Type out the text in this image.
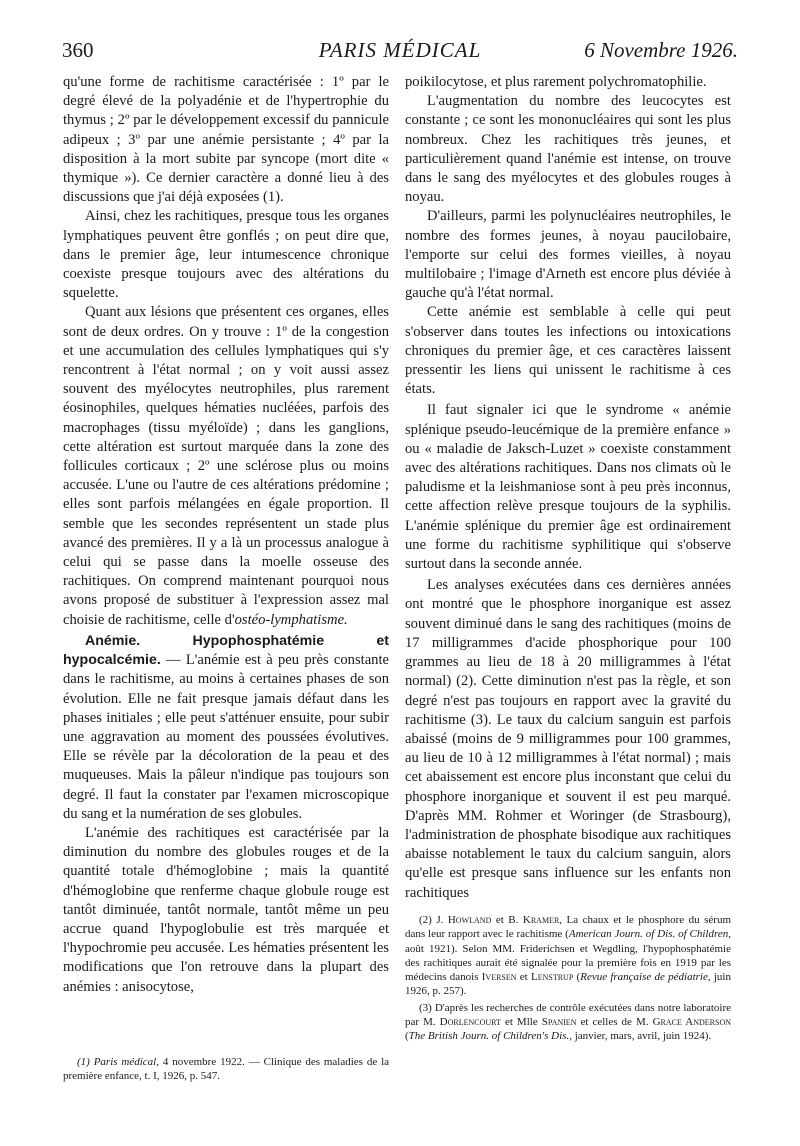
360	PARIS MÉDICAL	6 Novembre 1926.

qu'une forme de rachitisme caractérisée : 1º par le degré élevé de la polyadénie et de l'hypertrophie du thymus ; 2º par le développement excessif du pannicule adipeux ; 3º par une anémie persistante ; 4º par la disposition à la mort subite par syncope (mort dite « thymique »). Ce dernier caractère a donné lieu à des discussions que j'ai déjà exposées (1).

Ainsi, chez les rachitiques, presque tous les organes lymphatiques peuvent être gonflés ; on peut dire que, dans le premier âge, leur intumescence chronique coexiste presque toujours avec des altérations du squelette.

Quant aux lésions que présentent ces organes, elles sont de deux ordres. On y trouve : 1º de la congestion et une accumulation des cellules lymphatiques qui s'y rencontrent à l'état normal ; on y voit aussi assez souvent des myélocytes neutrophiles, plus rarement éosinophiles, quelques hématies nucléées, parfois des macrophages (tissu myéloïde) ; dans les ganglions, cette altération est surtout marquée dans la zone des follicules corticaux ; 2º une sclérose plus ou moins accusée. L'une ou l'autre de ces altérations prédomine ; elles sont parfois mélangées en égale proportion. Il semble que les secondes représentent un stade plus avancé des premières. Il y a là un processus analogue à celui qui se passe dans la moelle osseuse des rachitiques. On comprend maintenant pourquoi nous avons proposé de substituer à l'expression assez mal choisie de rachitisme, celle d'ostéo-lymphatisme.

Anémie. Hypophosphatémie et hypocalcémie. — L'anémie est à peu près constante dans le rachitisme, au moins à certaines phases de son évolution. Elle ne fait presque jamais défaut dans les phases initiales ; elle peut s'atténuer ensuite, pour subir une aggravation au moment des poussées évolutives. Elle se révèle par la décoloration de la peau et des muqueuses. Mais la pâleur n'indique pas toujours son degré. Il faut la constater par l'examen microscopique du sang et la numération de ses globules.

L'anémie des rachitiques est caractérisée par la diminution du nombre des globules rouges et de la quantité totale d'hémoglobine ; mais la quantité d'hémoglobine que renferme chaque globule rouge est tantôt diminuée, tantôt normale, tantôt même un peu accrue quand l'hypoglobulie est très marquée et l'hypochromie peu accusée. Les hématies présentent les modifications que l'on retrouve dans la plupart des anémies : anisocytose,

(1) Paris médical, 4 novembre 1922. — Clinique des maladies de la première enfance, t. I, 1926, p. 547.

poikilocytose, et plus rarement polychromatophilie.

L'augmentation du nombre des leucocytes est constante ; ce sont les mononucléaires qui sont les plus nombreux. Chez les rachitiques très jeunes, et particulièrement quand l'anémie est intense, on trouve dans le sang des myélocytes et des globules rouges à noyau.

D'ailleurs, parmi les polynucléaires neutrophiles, le nombre des formes jeunes, à noyau paucilobaire, l'emporte sur celui des formes vieilles, à noyau multilobaire ; l'image d'Arneth est encore plus déviée à gauche qu'à l'état normal.

Cette anémie est semblable à celle qui peut s'observer dans toutes les infections ou intoxications chroniques du premier âge, et ces caractères laissent pressentir les liens qui unissent le rachitisme à ces états.

Il faut signaler ici que le syndrome « anémie splénique pseudo-leucémique de la première enfance » ou « maladie de Jaksch-Luzet » coexiste constamment avec des altérations rachitiques. Dans nos climats où le paludisme et la leishmaniose sont à peu près inconnus, cette affection relève presque toujours de la syphilis. L'anémie splénique du premier âge est ordinairement une forme du rachitisme syphilitique qui s'observe surtout dans la seconde année.

Les analyses exécutées dans ces dernières années ont montré que le phosphore inorganique est assez souvent diminué dans le sang des rachitiques (moins de 17 milligrammes d'acide phosphorique pour 100 grammes au lieu de 18 à 20 milligrammes à l'état normal) (2). Cette diminution n'est pas la règle, et son degré n'est pas toujours en rapport avec la gravité du rachitisme (3). Le taux du calcium sanguin est parfois abaissé (moins de 9 milligrammes pour 100 grammes, au lieu de 10 à 12 milligrammes à l'état normal) ; mais cet abaissement est encore plus inconstant que celui du phosphore inorganique et souvent il est peu marqué. D'après MM. Rohmer et Woringer (de Strasbourg), l'administration de phosphate bisodique aux rachitiques abaisse notablement le taux du calcium sanguin, alors qu'elle est presque sans influence sur les enfants non rachitiques

(2) J. Howland et B. Kramer, La chaux et le phosphore du sérum dans leur rapport avec le rachitisme (American Journ. of Dis. of Children, août 1921). Selon MM. Friderichsen et Wegdling, l'hypophosphatémie des rachitiques aurait été signalée pour la première fois en 1919 par les médecins danois Iversen et Lenstrup (Revue française de pédiatrie, juin 1926, p. 257).

(3) D'après les recherches de contrôle exécutées dans notre laboratoire par M. Dorlencourt et Mlle Spanien et celles de M. Grace Anderson (The British Journ. of Children's Dis., janvier, mars, avril, juin 1924).
